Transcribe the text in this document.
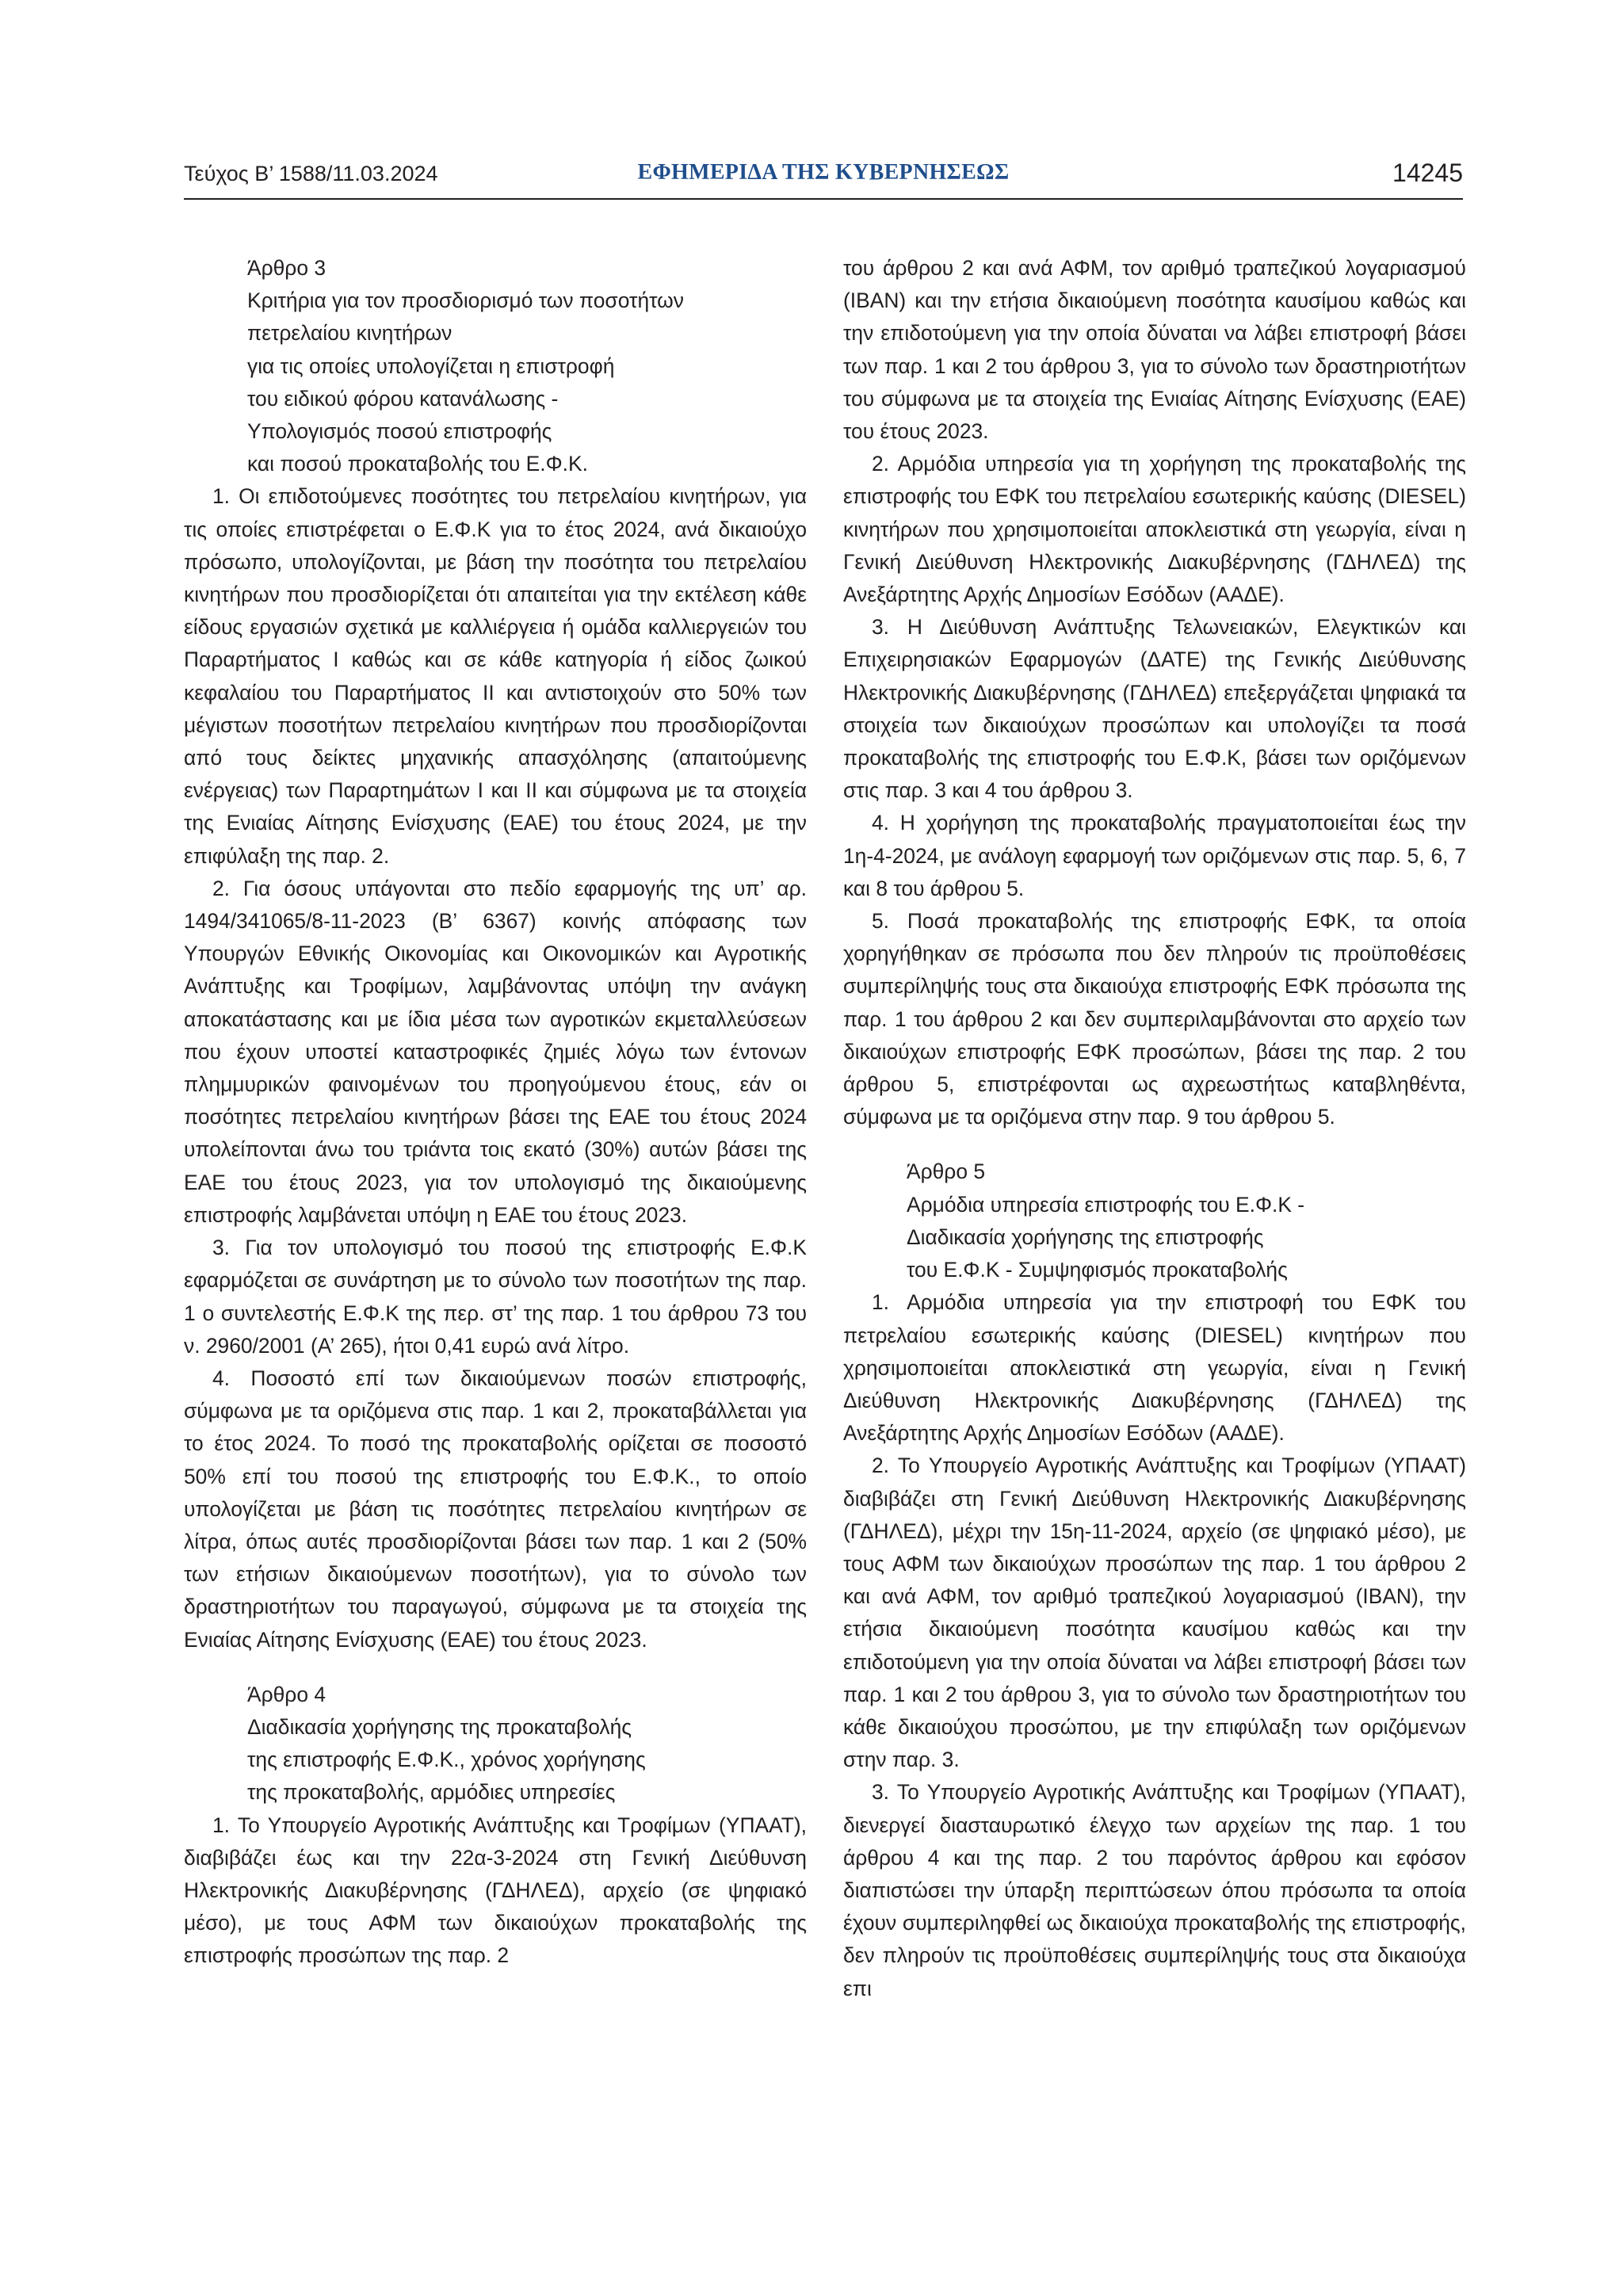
Τεύχος Β’ 1588/11.03.2024	ΕΦΗΜΕΡΙΔΑ ΤΗΣ ΚΥΒΕΡΝΗΣΕΩΣ	14245
Άρθρο 3
Κριτήρια για τον προσδιορισμό των ποσοτήτων
πετρελαίου κινητήρων
για τις οποίες υπολογίζεται η επιστροφή
του ειδικού φόρου κατανάλωσης -
Υπολογισμός ποσού επιστροφής
και ποσού προκαταβολής του Ε.Φ.Κ.

1. Οι επιδοτούμενες ποσότητες του πετρελαίου κινητήρων, για τις οποίες επιστρέφεται ο Ε.Φ.Κ για το έτος 2024, ανά δικαιούχο πρόσωπο, υπολογίζονται, με βάση την ποσότητα του πετρελαίου κινητήρων που προσδιορίζεται ότι απαιτείται για την εκτέλεση κάθε είδους εργασιών σχετικά με καλλιέργεια ή ομάδα καλλιεργειών του Παραρτήματος Ι καθώς και σε κάθε κατηγορία ή είδος ζωικού κεφαλαίου του Παραρτήματος ΙΙ και αντιστοιχούν στο 50% των μέγιστων ποσοτήτων πετρελαίου κινητήρων που προσδιορίζονται από τους δείκτες μηχανικής απασχόλησης (απαιτούμενης ενέργειας) των Παραρτημάτων Ι και ΙΙ και σύμφωνα με τα στοιχεία της Ενιαίας Αίτησης Ενίσχυσης (ΕΑΕ) του έτους 2024, με την επιφύλαξη της παρ. 2.

2. Για όσους υπάγονται στο πεδίο εφαρμογής της υπ’ αρ. 1494/341065/8-11-2023 (Β’ 6367) κοινής απόφασης των Υπουργών Εθνικής Οικονομίας και Οικονομικών και Αγροτικής Ανάπτυξης και Τροφίμων, λαμβάνοντας υπόψη την ανάγκη αποκατάστασης και με ίδια μέσα των αγροτικών εκμεταλλεύσεων που έχουν υποστεί καταστροφικές ζημιές λόγω των έντονων πλημμυρικών φαινομένων του προηγούμενου έτους, εάν οι ποσότητες πετρελαίου κινητήρων βάσει της ΕΑΕ του έτους 2024 υπολείπονται άνω του τριάντα τοις εκατό (30%) αυτών βάσει της ΕΑΕ του έτους 2023, για τον υπολογισμό της δικαιούμενης επιστροφής λαμβάνεται υπόψη η ΕΑΕ του έτους 2023.

3. Για τον υπολογισμό του ποσού της επιστροφής Ε.Φ.Κ εφαρμόζεται σε συνάρτηση με το σύνολο των ποσοτήτων της παρ. 1 ο συντελεστής Ε.Φ.Κ της περ. στ’ της παρ. 1 του άρθρου 73 του ν. 2960/2001 (Α’ 265), ήτοι 0,41 ευρώ ανά λίτρο.

4. Ποσοστό επί των δικαιούμενων ποσών επιστροφής, σύμφωνα με τα οριζόμενα στις παρ. 1 και 2, προκαταβάλλεται για το έτος 2024. Το ποσό της προκαταβολής ορίζεται σε ποσοστό 50% επί του ποσού της επιστροφής του Ε.Φ.Κ., το οποίο υπολογίζεται με βάση τις ποσότητες πετρελαίου κινητήρων σε λίτρα, όπως αυτές προσδιορίζονται βάσει των παρ. 1 και 2 (50% των ετήσιων δικαιούμενων ποσοτήτων), για το σύνολο των δραστηριοτήτων του παραγωγού, σύμφωνα με τα στοιχεία της Ενιαίας Αίτησης Ενίσχυσης (ΕΑΕ) του έτους 2023.

Άρθρο 4
Διαδικασία χορήγησης της προκαταβολής
της επιστροφής Ε.Φ.Κ., χρόνος χορήγησης
της προκαταβολής, αρμόδιες υπηρεσίες

1. Το Υπουργείο Αγροτικής Ανάπτυξης και Τροφίμων (ΥΠΑΑΤ), διαβιβάζει έως και την 22α-3-2024 στη Γενική Διεύθυνση Ηλεκτρονικής Διακυβέρνησης (ΓΔΗΛΕΔ), αρχείο (σε ψηφιακό μέσο), με τους ΑΦΜ των δικαιούχων προκαταβολής της επιστροφής προσώπων της παρ. 2

του άρθρου 2 και ανά ΑΦΜ, τον αριθμό τραπεζικού λογαριασμού (IBAN) και την ετήσια δικαιούμενη ποσότητα καυσίμου καθώς και την επιδοτούμενη για την οποία δύναται να λάβει επιστροφή βάσει των παρ. 1 και 2 του άρθρου 3, για το σύνολο των δραστηριοτήτων του σύμφωνα με τα στοιχεία της Ενιαίας Αίτησης Ενίσχυσης (ΕΑΕ) του έτους 2023.

2. Αρμόδια υπηρεσία για τη χορήγηση της προκαταβολής της επιστροφής του ΕΦΚ του πετρελαίου εσωτερικής καύσης (DIESEL) κινητήρων που χρησιμοποιείται αποκλειστικά στη γεωργία, είναι η Γενική Διεύθυνση Ηλεκτρονικής Διακυβέρνησης (ΓΔΗΛΕΔ) της Ανεξάρτητης Αρχής Δημοσίων Εσόδων (ΑΑΔΕ).

3. Η Διεύθυνση Ανάπτυξης Τελωνειακών, Ελεγκτικών και Επιχειρησιακών Εφαρμογών (ΔΑΤΕ) της Γενικής Διεύθυνσης Ηλεκτρονικής Διακυβέρνησης (ΓΔΗΛΕΔ) επεξεργάζεται ψηφιακά τα στοιχεία των δικαιούχων προσώπων και υπολογίζει τα ποσά προκαταβολής της επιστροφής του Ε.Φ.Κ, βάσει των οριζόμενων στις παρ. 3 και 4 του άρθρου 3.

4. Η χορήγηση της προκαταβολής πραγματοποιείται έως την 1η-4-2024, με ανάλογη εφαρμογή των οριζόμενων στις παρ. 5, 6, 7 και 8 του άρθρου 5.

5. Ποσά προκαταβολής της επιστροφής ΕΦΚ, τα οποία χορηγήθηκαν σε πρόσωπα που δεν πληρούν τις προϋποθέσεις συμπερίληψής τους στα δικαιούχα επιστροφής ΕΦΚ πρόσωπα της παρ. 1 του άρθρου 2 και δεν συμπεριλαμβάνονται στο αρχείο των δικαιούχων επιστροφής ΕΦΚ προσώπων, βάσει της παρ. 2 του άρθρου 5, επιστρέφονται ως αχρεωστήτως καταβληθέντα, σύμφωνα με τα οριζόμενα στην παρ. 9 του άρθρου 5.

Άρθρο 5
Αρμόδια υπηρεσία επιστροφής του Ε.Φ.Κ -
Διαδικασία χορήγησης της επιστροφής
του Ε.Φ.Κ - Συμψηφισμός προκαταβολής

1. Αρμόδια υπηρεσία για την επιστροφή του ΕΦΚ του πετρελαίου εσωτερικής καύσης (DIESEL) κινητήρων που χρησιμοποιείται αποκλειστικά στη γεωργία, είναι η Γενική Διεύθυνση Ηλεκτρονικής Διακυβέρνησης (ΓΔΗΛΕΔ) της Ανεξάρτητης Αρχής Δημοσίων Εσόδων (ΑΑΔΕ).

2. Το Υπουργείο Αγροτικής Ανάπτυξης και Τροφίμων (ΥΠΑΑΤ) διαβιβάζει στη Γενική Διεύθυνση Ηλεκτρονικής Διακυβέρνησης (ΓΔΗΛΕΔ), μέχρι την 15η-11-2024, αρχείο (σε ψηφιακό μέσο), με τους ΑΦΜ των δικαιούχων προσώπων της παρ. 1 του άρθρου 2 και ανά ΑΦΜ, τον αριθμό τραπεζικού λογαριασμού (IBAN), την ετήσια δικαιούμενη ποσότητα καυσίμου καθώς και την επιδοτούμενη για την οποία δύναται να λάβει επιστροφή βάσει των παρ. 1 και 2 του άρθρου 3, για το σύνολο των δραστηριοτήτων του κάθε δικαιούχου προσώπου, με την επιφύλαξη των οριζόμενων στην παρ. 3.

3. Το Υπουργείο Αγροτικής Ανάπτυξης και Τροφίμων (ΥΠΑΑΤ), διενεργεί διασταυρωτικό έλεγχο των αρχείων της παρ. 1 του άρθρου 4 και της παρ. 2 του παρόντος άρθρου και εφόσον διαπιστώσει την ύπαρξη περιπτώσεων όπου πρόσωπα τα οποία έχουν συμπεριληφθεί ως δικαιούχα προκαταβολής της επιστροφής, δεν πληρούν τις προϋποθέσεις συμπερίληψής τους στα δικαιούχα επι
